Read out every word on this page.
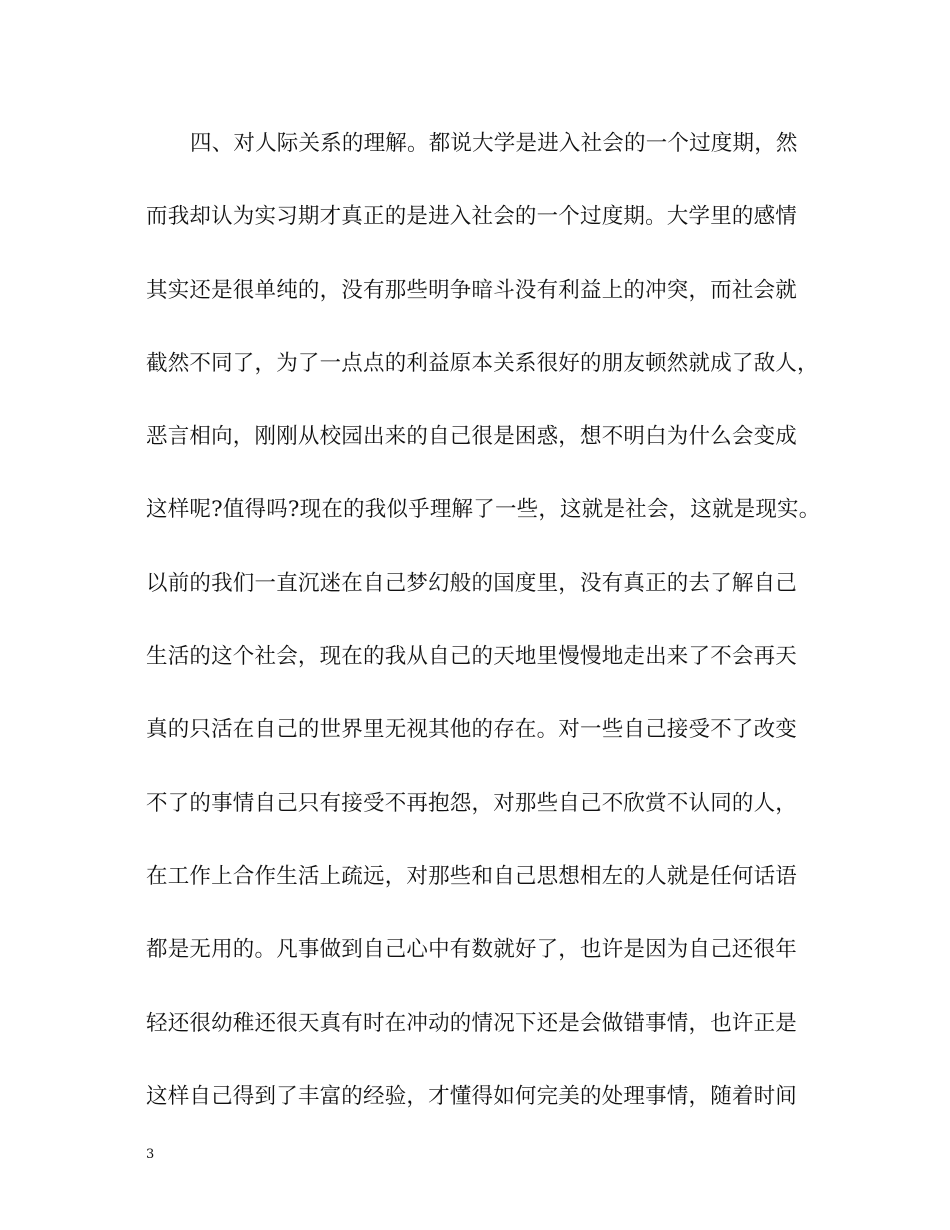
四、对人际关系的理解。都说大学是进入社会的一个过度期，然
而我却认为实习期才真正的是进入社会的一个过度期。大学里的感情
其实还是很单纯的，没有那些明争暗斗没有利益上的冲突，而社会就
截然不同了，为了一点点的利益原本关系很好的朋友顿然就成了敌人，
恶言相向，刚刚从校园出来的自己很是困惑，想不明白为什么会变成
这样呢?值得吗?现在的我似乎理解了一些，这就是社会，这就是现实。
以前的我们一直沉迷在自己梦幻般的国度里，没有真正的去了解自己
生活的这个社会，现在的我从自己的天地里慢慢地走出来了不会再天
真的只活在自己的世界里无视其他的存在。对一些自己接受不了改变
不了的事情自己只有接受不再抱怨，对那些自己不欣赏不认同的人，
在工作上合作生活上疏远，对那些和自己思想相左的人就是任何话语
都是无用的。凡事做到自己心中有数就好了，也许是因为自己还很年
轻还很幼稚还很天真有时在冲动的情况下还是会做错事情，也许正是
这样自己得到了丰富的经验，才懂得如何完美的处理事情，随着时间
3
